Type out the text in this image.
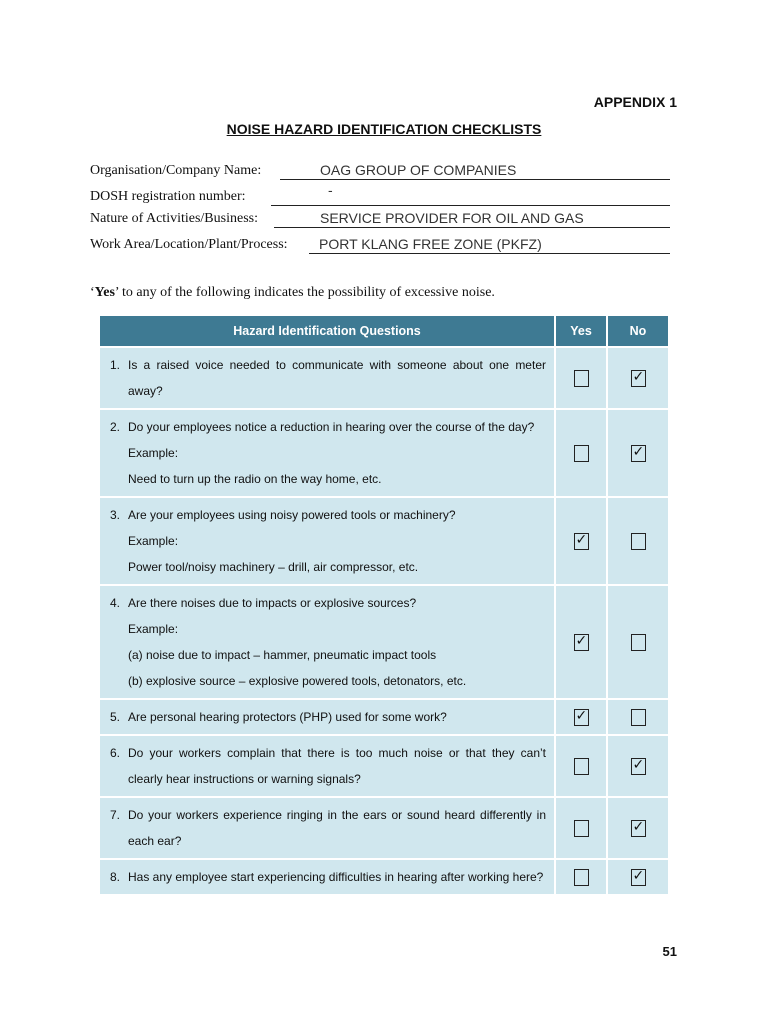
APPENDIX 1
NOISE HAZARD IDENTIFICATION CHECKLISTS
Organisation/Company Name:	OAG GROUP OF COMPANIES
DOSH registration number:	-
Nature of Activities/Business:	SERVICE PROVIDER FOR OIL AND GAS
Work Area/Location/Plant/Process: PORT KLANG FREE ZONE (PKFZ)
‘Yes’ to any of the following indicates the possibility of excessive noise.
Hazard Identification Questions	Yes	No

1. Is a raised voice needed to communicate with someone about one meter away?
		✓

2. Do your employees notice a reduction in hearing over the course of the day?
Example:
Need to turn up the radio on the way home, etc.
		✓

3. Are your employees using noisy powered tools or machinery?
Example:
Power tool/noisy machinery – drill, air compressor, etc.
	✓	

4. Are there noises due to impacts or explosive sources?
Example:
(a) noise due to impact – hammer, pneumatic impact tools
(b) explosive source – explosive powered tools, detonators, etc.
	✓	

5. Are personal hearing protectors (PHP) used for some work?
	✓	

6. Do your workers complain that there is too much noise or that they can’t clearly hear instructions or warning signals?
		✓

7. Do your workers experience ringing in the ears or sound heard differently in each ear?
		✓

8. Has any employee start experiencing difficulties in hearing after working here?
		✓
51
